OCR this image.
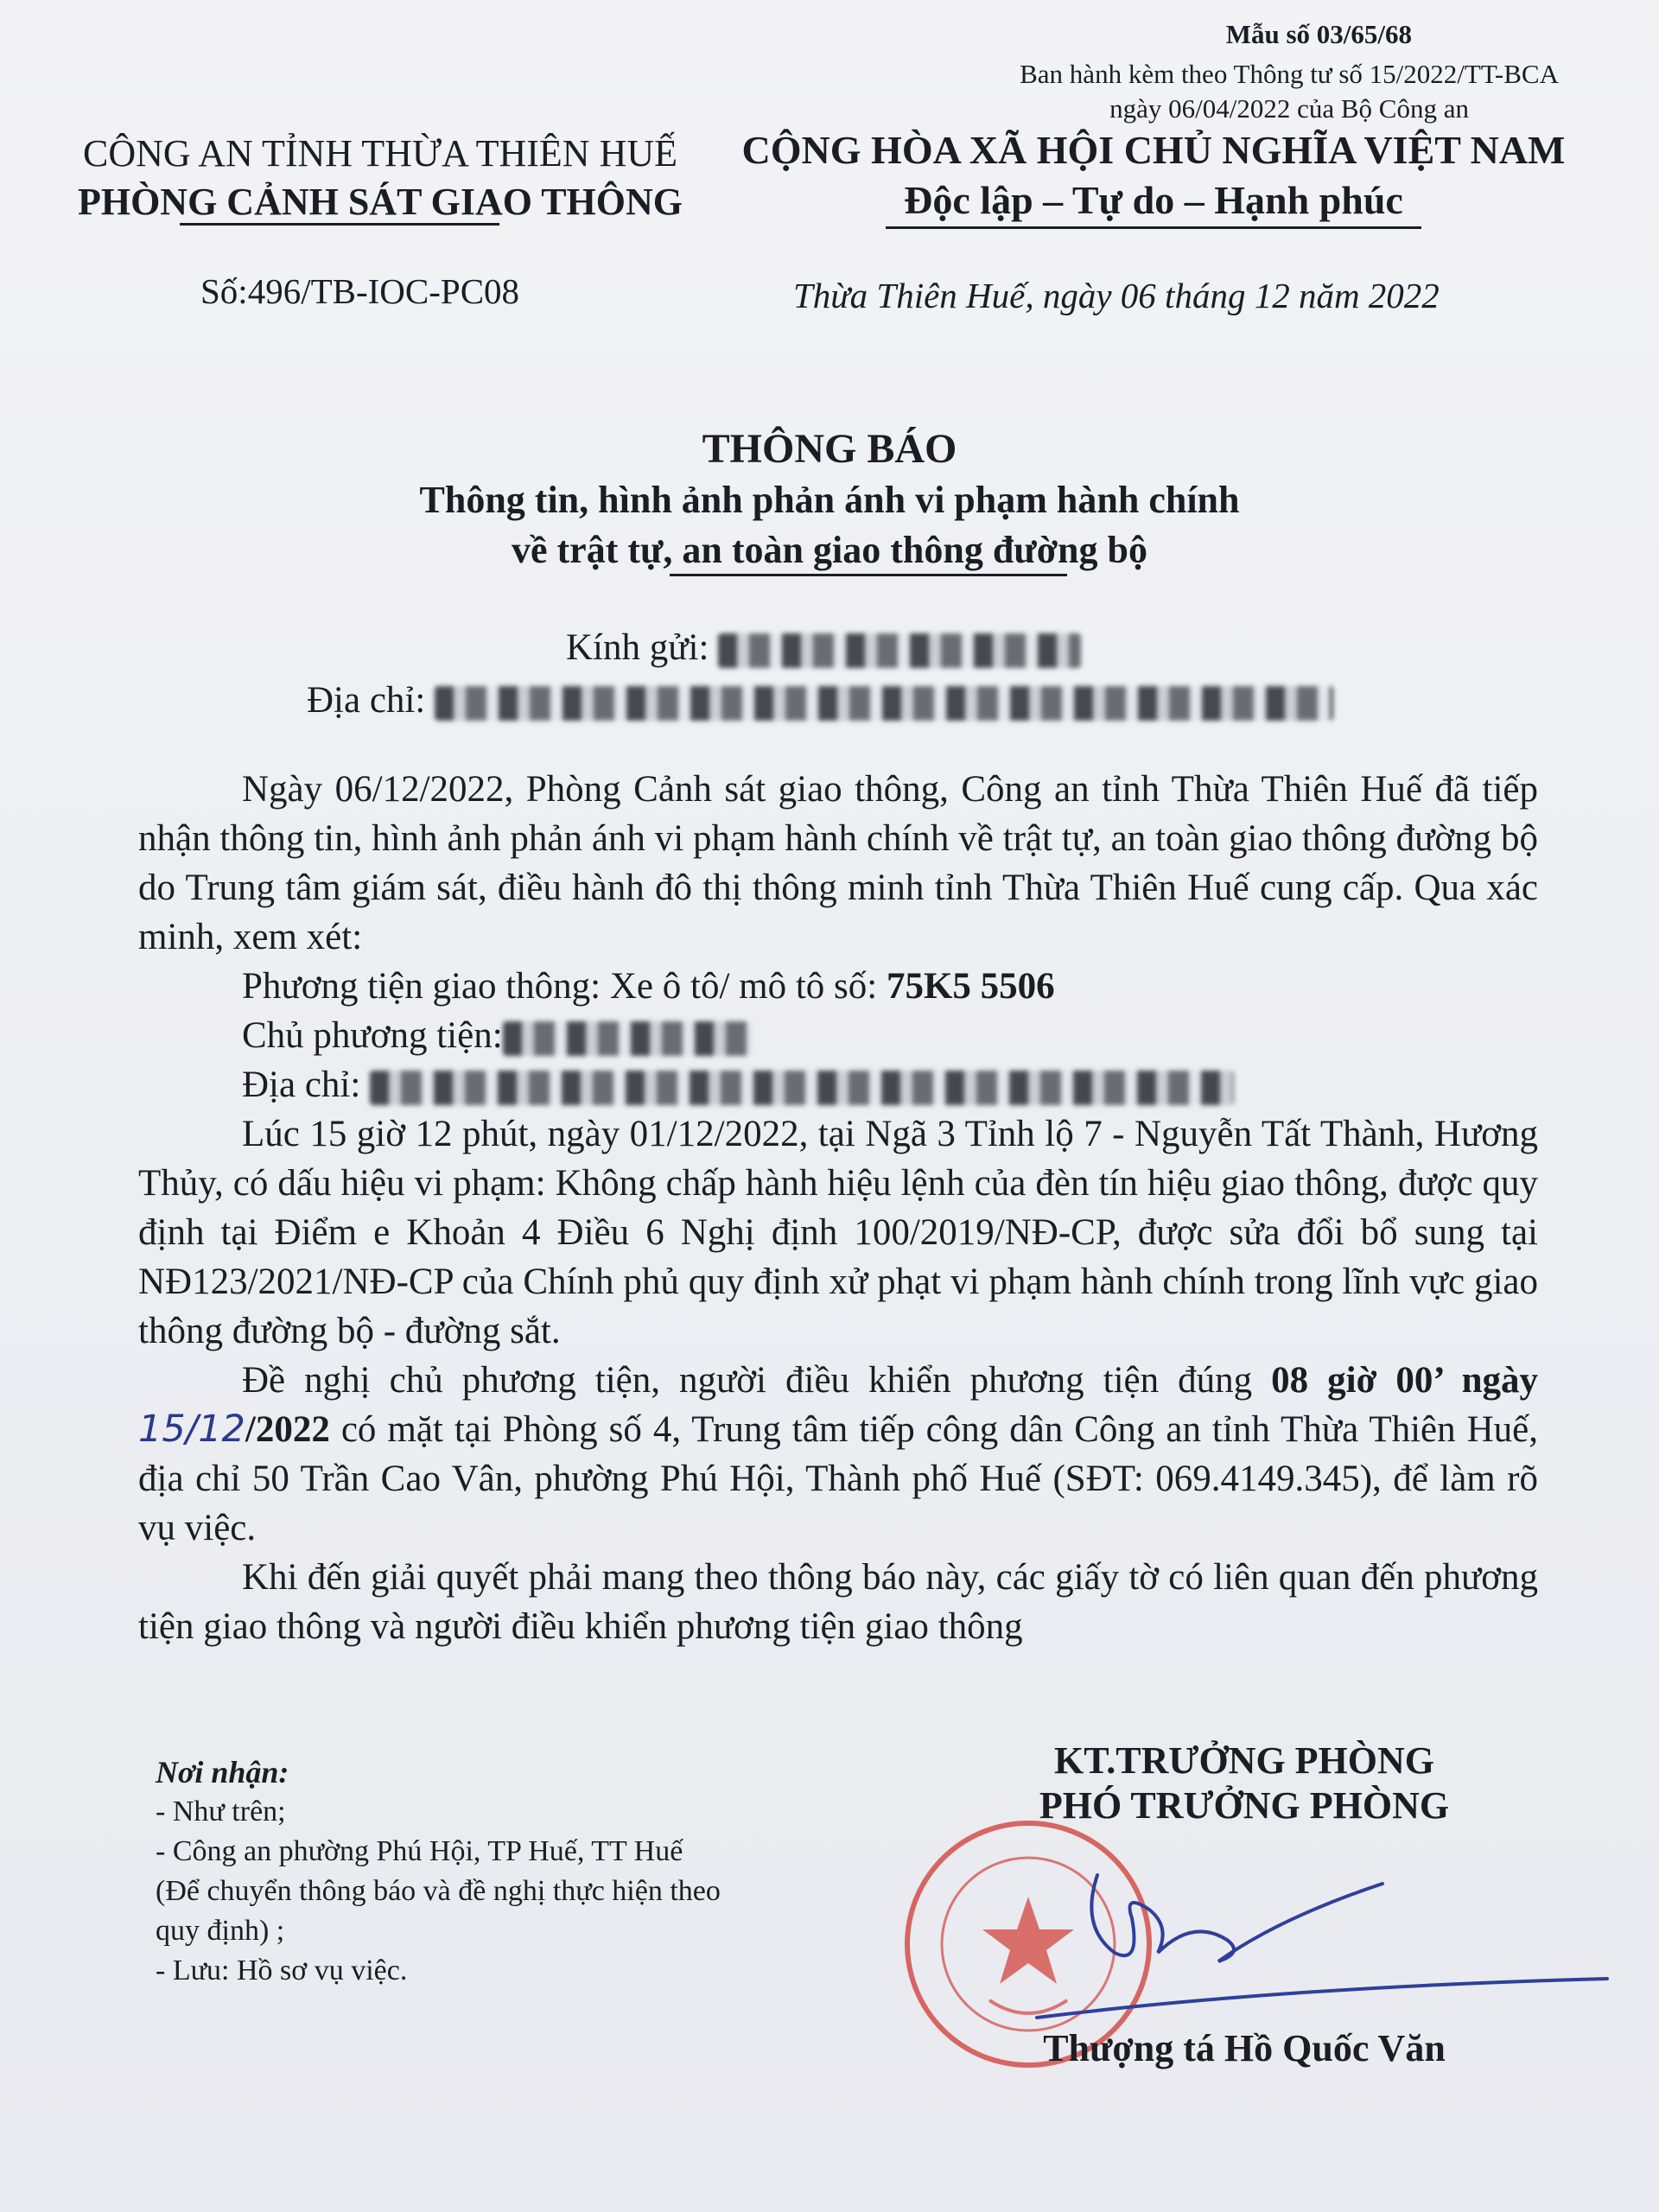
Mẫu số 03/65/68
Ban hành kèm theo Thông tư số 15/2022/TT-BCA
ngày 06/04/2022 của Bộ Công an
CÔNG AN TỈNH THỪA THIÊN HUẾ
PHÒNG CẢNH SÁT GIAO THÔNG
CỘNG HÒA XÃ HỘI CHỦ NGHĨA VIỆT NAM
Độc lập – Tự do – Hạnh phúc
Số:496/TB-IOC-PC08	Thừa Thiên Huế, ngày 06 tháng 12 năm 2022
THÔNG BÁO
Thông tin, hình ảnh phản ánh vi phạm hành chính
về trật tự, an toàn giao thông đường bộ
Kính gửi:
Địa chỉ:

Ngày 06/12/2022, Phòng Cảnh sát giao thông, Công an tỉnh Thừa Thiên Huế đã tiếp nhận thông tin, hình ảnh phản ánh vi phạm hành chính về trật tự, an toàn giao thông đường bộ do Trung tâm giám sát, điều hành đô thị thông minh tỉnh Thừa Thiên Huế cung cấp. Qua xác minh, xem xét:

Phương tiện giao thông: Xe ô tô/ mô tô số: 75K5 5506

Chủ phương tiện:

Địa chỉ:

Lúc 15 giờ 12 phút, ngày 01/12/2022, tại Ngã 3 Tỉnh lộ 7 - Nguyễn Tất Thành, Hương Thủy, có dấu hiệu vi phạm: Không chấp hành hiệu lệnh của đèn tín hiệu giao thông, được quy định tại Điểm e Khoản 4 Điều 6 Nghị định 100/2019/NĐ-CP, được sửa đổi bổ sung tại NĐ123/2021/NĐ-CP của Chính phủ quy định xử phạt vi phạm hành chính trong lĩnh vực giao thông đường bộ - đường sắt.

Đề nghị chủ phương tiện, người điều khiển phương tiện đúng 08 giờ 00’ ngày 15/12/2022 có mặt tại Phòng số 4, Trung tâm tiếp công dân Công an tỉnh Thừa Thiên Huế, địa chỉ 50 Trần Cao Vân, phường Phú Hội, Thành phố Huế (SĐT: 069.4149.345), để làm rõ vụ việc.

Khi đến giải quyết phải mang theo thông báo này, các giấy tờ có liên quan đến phương tiện giao thông và người điều khiển phương tiện giao thông

Nơi nhận:
- Như trên;
- Công an phường Phú Hội, TP Huế, TT Huế
(Để chuyển thông báo và đề nghị thực hiện theo
quy định) ;
- Lưu: Hồ sơ vụ việc.
KT.TRƯỞNG PHÒNG
PHÓ TRƯỞNG PHÒNG
Thượng tá Hồ Quốc Văn
